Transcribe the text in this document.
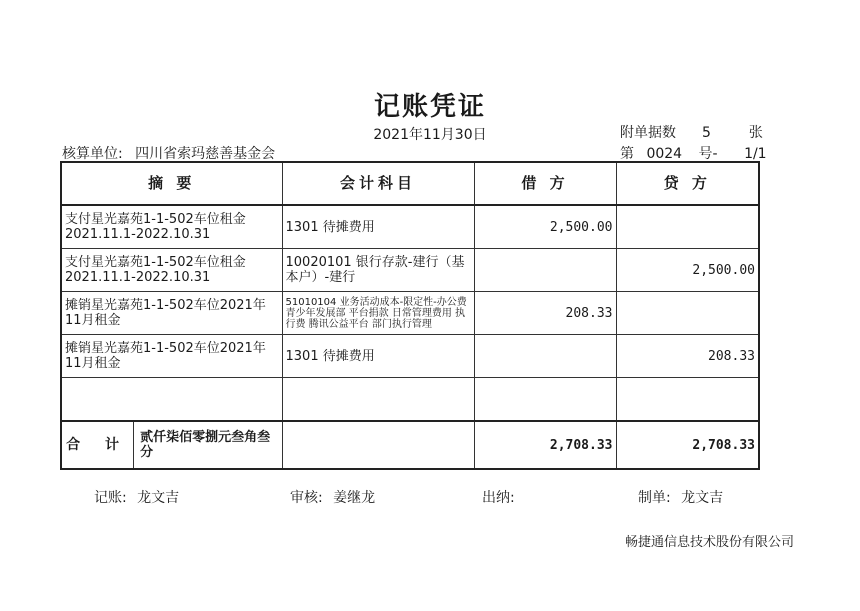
记账凭证
2021年11月30日
核算单位: 四川省索玛慈善基金会
附单据数 5	张
第 0024 号- 1/1
摘 要	会计科目	借 方	贷 方
支付星光嘉苑1-1-502车位租金2021.11.1-2022.10.31	1301 待摊费用	2,500.00	
支付星光嘉苑1-1-502车位租金2021.11.1-2022.10.31	10020101 银行存款-建行（基本户）-建行		2,500.00
摊销星光嘉苑1-1-502车位2021年11月租金	51010104 业务活动成本-限定性-办公费 青少年发展部 平台捐款 日常管理费用 执行费 腾讯公益平台 部门执行管理	208.33	
摊销星光嘉苑1-1-502车位2021年11月租金	1301 待摊费用		208.33

合 计 贰仟柒佰零捌元叁角叁分		2,708.33	2,708.33
记账: 龙文吉	审核: 姜继龙	出纳:	制单: 龙文吉
畅捷通信息技术股份有限公司
